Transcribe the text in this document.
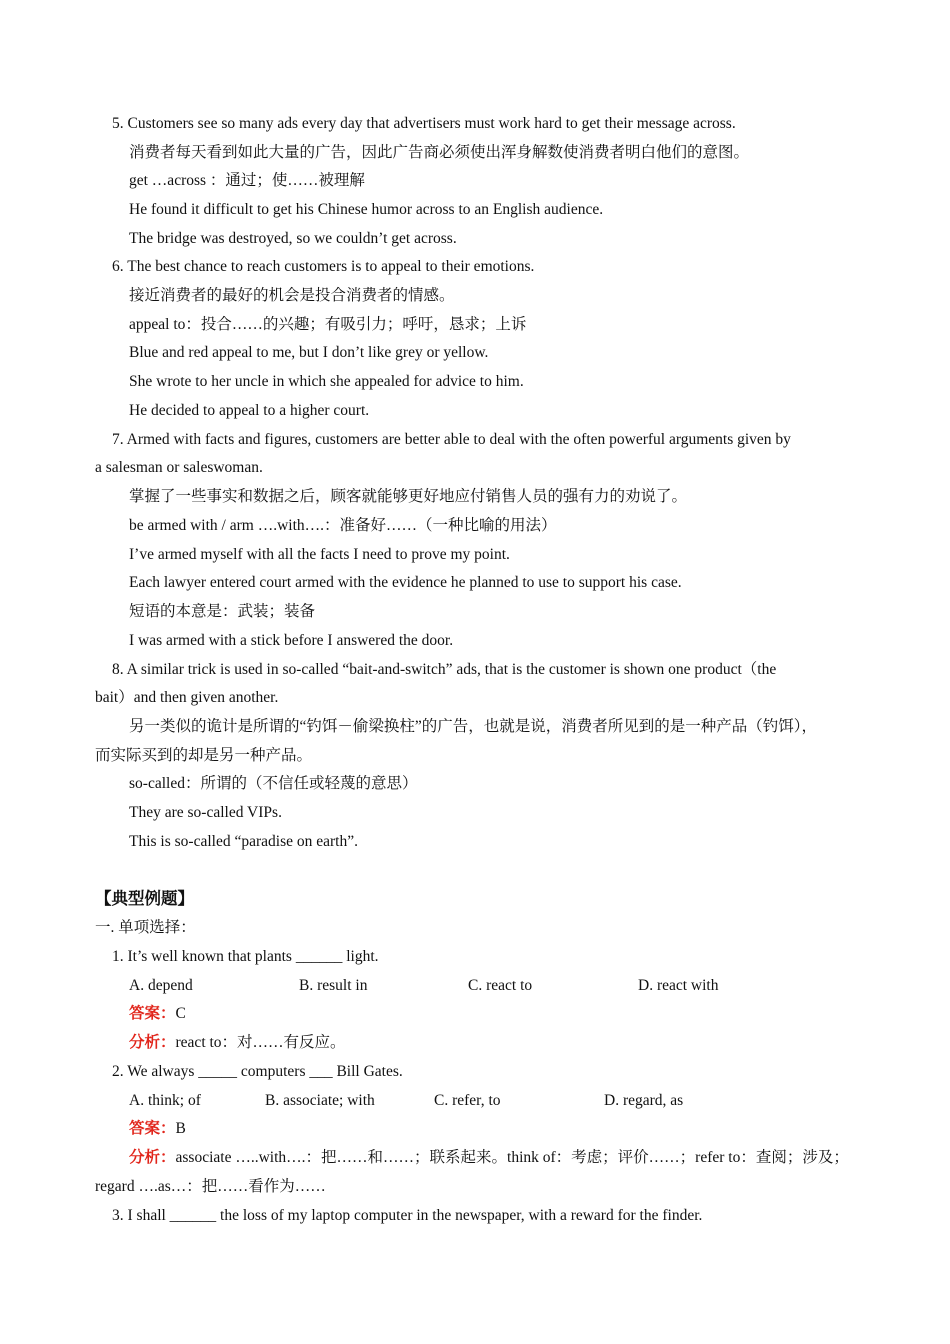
5. Customers see so many ads every day that advertisers must work hard to get their message across.
消费者每天看到如此大量的广告，因此广告商必须使出浑身解数使消费者明白他们的意图。
get …across ：通过；使……被理解
He found it difficult to get his Chinese humor across to an English audience.
The bridge was destroyed, so we couldn’t get across.
6. The best chance to reach customers is to appeal to their emotions.
接近消费者的最好的机会是投合消费者的情感。
appeal to：投合……的兴趣；有吸引力；呼吁，恳求；上诉
Blue and red appeal to me, but I don’t like grey or yellow.
She wrote to her uncle in which she appealed for advice to him.
He decided to appeal to a higher court.
7. Armed with facts and figures, customers are better able to deal with the often powerful arguments given by
a salesman or saleswoman.
掌握了一些事实和数据之后，顾客就能够更好地应付销售人员的强有力的劝说了。
be armed with / arm ….with….：准备好……（一种比喻的用法）
I’ve armed myself with all the facts I need to prove my point.
Each lawyer entered court armed with the evidence he planned to use to support his case.
短语的本意是：武装；装备
I was armed with a stick before I answered the door.
8. A similar trick is used in so-called “bait-and-switch” ads, that is the customer is shown one product（the
bait）and then given another.
另一类似的诡计是所谓的“钓饵－偷梁换柱”的广告，也就是说，消费者所见到的是一种产品（钓饵），
而实际买到的却是另一种产品。
so-called：所谓的（不信任或轻蔑的意思）
They are so-called VIPs.
This is so-called “paradise on earth”.
【典型例题】
一. 单项选择：
1. It’s well known that plants ______ light.
A. depend	B. result in	C. react to	D. react with
答案：C
分析：react to：对……有反应。
2. We always _____ computers ___ Bill Gates.
A. think; of	B. associate; with	C. refer, to	D. regard, as
答案：B
分析：associate …..with….：把……和……；联系起来。think of：考虑；评价……；refer to：查阅；涉及；
regard ….as…：把……看作为……
3. I shall ______ the loss of my laptop computer in the newspaper, with a reward for the finder.
